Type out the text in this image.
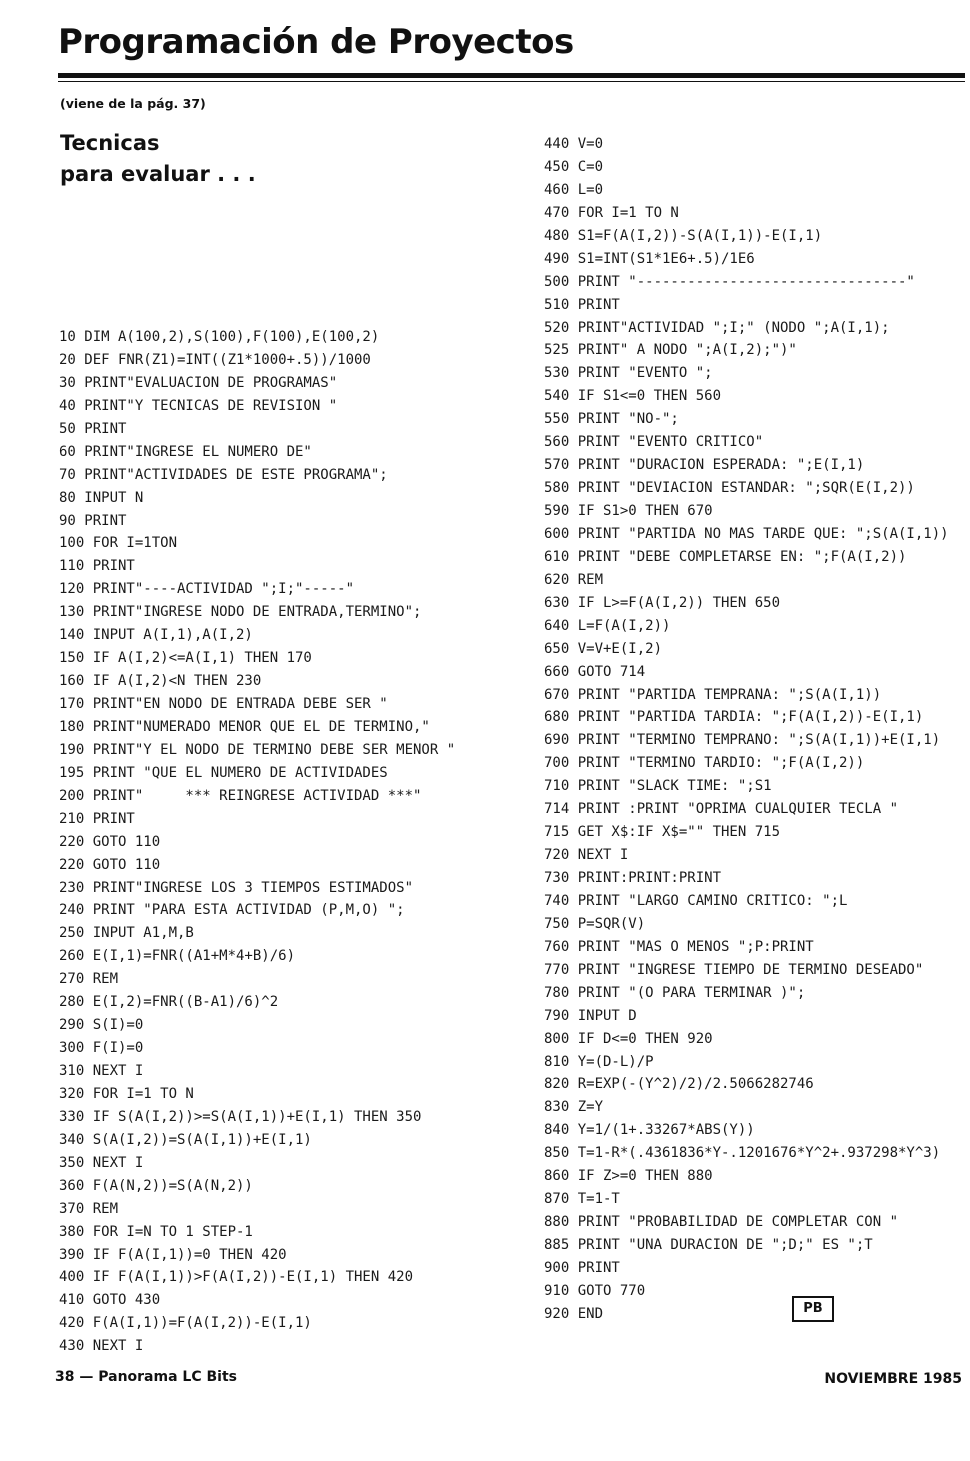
Programación de Proyectos
(viene de la pág. 37)
Tecnicas
para evaluar . . .
10 DIM A(100,2),S(100),F(100),E(100,2)
20 DEF FNR(Z1)=INT((Z1*1000+.5))/1000
30 PRINT"EVALUACION DE PROGRAMAS"
40 PRINT"Y TECNICAS DE REVISION "
50 PRINT
60 PRINT"INGRESE EL NUMERO DE"
70 PRINT"ACTIVIDADES DE ESTE PROGRAMA";
80 INPUT N
90 PRINT
100 FOR I=1TON
110 PRINT
120 PRINT"----ACTIVIDAD ";I;"-----"
130 PRINT"INGRESE NODO DE ENTRADA,TERMINO";
140 INPUT A(I,1),A(I,2)
150 IF A(I,2)<=A(I,1) THEN 170
160 IF A(I,2)<N THEN 230
170 PRINT"EN NODO DE ENTRADA DEBE SER "
180 PRINT"NUMERADO MENOR QUE EL DE TERMINO,"
190 PRINT"Y EL NODO DE TERMINO DEBE SER MENOR "
195 PRINT "QUE EL NUMERO DE ACTIVIDADES
200 PRINT"     *** REINGRESE ACTIVIDAD ***"
210 PRINT
220 GOTO 110
220 GOTO 110
230 PRINT"INGRESE LOS 3 TIEMPOS ESTIMADOS"
240 PRINT "PARA ESTA ACTIVIDAD (P,M,O) ";
250 INPUT A1,M,B
260 E(I,1)=FNR((A1+M*4+B)/6)
270 REM
280 E(I,2)=FNR((B-A1)/6)^2
290 S(I)=0
300 F(I)=0
310 NEXT I
320 FOR I=1 TO N
330 IF S(A(I,2))>=S(A(I,1))+E(I,1) THEN 350
340 S(A(I,2))=S(A(I,1))+E(I,1)
350 NEXT I
360 F(A(N,2))=S(A(N,2))
370 REM
380 FOR I=N TO 1 STEP-1
390 IF F(A(I,1))=0 THEN 420
400 IF F(A(I,1))>F(A(I,2))-E(I,1) THEN 420
410 GOTO 430
420 F(A(I,1))=F(A(I,2))-E(I,1)
430 NEXT I
440 V=0
450 C=0
460 L=0
470 FOR I=1 TO N
480 S1=F(A(I,2))-S(A(I,1))-E(I,1)
490 S1=INT(S1*1E6+.5)/1E6
500 PRINT "--------------------------------"
510 PRINT
520 PRINT"ACTIVIDAD ";I;" (NODO ";A(I,1);
525 PRINT" A NODO ";A(I,2);")"
530 PRINT "EVENTO ";
540 IF S1<=0 THEN 560
550 PRINT "NO-";
560 PRINT "EVENTO CRITICO"
570 PRINT "DURACION ESPERADA: ";E(I,1)
580 PRINT "DEVIACION ESTANDAR: ";SQR(E(I,2))
590 IF S1>0 THEN 670
600 PRINT "PARTIDA NO MAS TARDE QUE: ";S(A(I,1))
610 PRINT "DEBE COMPLETARSE EN: ";F(A(I,2))
620 REM
630 IF L>=F(A(I,2)) THEN 650
640 L=F(A(I,2))
650 V=V+E(I,2)
660 GOTO 714
670 PRINT "PARTIDA TEMPRANA: ";S(A(I,1))
680 PRINT "PARTIDA TARDIA: ";F(A(I,2))-E(I,1)
690 PRINT "TERMINO TEMPRANO: ";S(A(I,1))+E(I,1)
700 PRINT "TERMINO TARDIO: ";F(A(I,2))
710 PRINT "SLACK TIME: ";S1
714 PRINT :PRINT "OPRIMA CUALQUIER TECLA "
715 GET X$:IF X$="" THEN 715
720 NEXT I
730 PRINT:PRINT:PRINT
740 PRINT "LARGO CAMINO CRITICO: ";L
750 P=SQR(V)
760 PRINT "MAS O MENOS ";P:PRINT
770 PRINT "INGRESE TIEMPO DE TERMINO DESEADO"
780 PRINT "(O PARA TERMINAR )";
790 INPUT D
800 IF D<=0 THEN 920
810 Y=(D-L)/P
820 R=EXP(-(Y^2)/2)/2.5066282746
830 Z=Y
840 Y=1/(1+.33267*ABS(Y))
850 T=1-R*(.4361836*Y-.1201676*Y^2+.937298*Y^3)
860 IF Z>=0 THEN 880
870 T=1-T
880 PRINT "PROBABILIDAD DE COMPLETAR CON "
885 PRINT "UNA DURACION DE ";D;" ES ";T
900 PRINT
910 GOTO 770
920 END	PB
38 — Panorama LC Bits	NOVIEMBRE 1985
